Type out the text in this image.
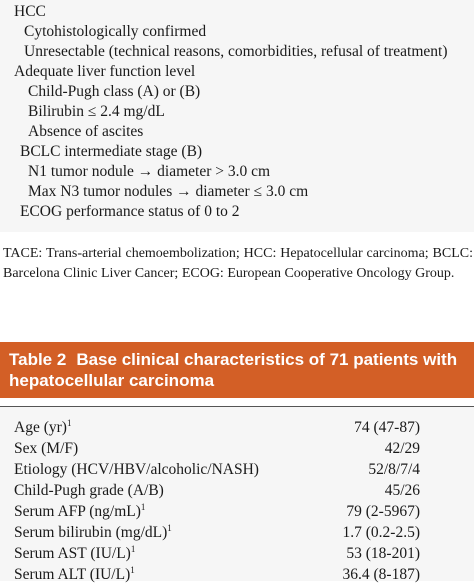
HCC
Cytohistologically confirmed
Unresectable (technical reasons, comorbidities, refusal of treatment)
Adequate liver function level
Child-Pugh class (A) or (B)
Bilirubin ≤ 2.4 mg/dL
Absence of ascites
BCLC intermediate stage (B)
N1 tumor nodule → diameter > 3.0 cm
Max N3 tumor nodules → diameter ≤ 3.0 cm
ECOG performance status of 0 to 2
TACE: Trans-arterial chemoembolization; HCC: Hepatocellular carcinoma; BCLC: Barcelona Clinic Liver Cancer; ECOG: European Cooperative Oncology Group.
Table 2 Base clinical characteristics of 71 patients with hepatocellular carcinoma
Age (yr)$^1$	74 (47-87)
Sex (M/F)	42/29
Etiology (HCV/HBV/alcoholic/NASH)	52/8/7/4
Child-Pugh grade (A/B)	45/26
Serum AFP $(ng/mL)^1$	79 (2-5967)
Serum bilirubin $(mg/dL)^1$	1.7 (0.2-2.5)
Serum AST $(IU/L)^1$	53 (18-201)
Serum ALT $(IU/L)^1$	36.4 (8-187)
